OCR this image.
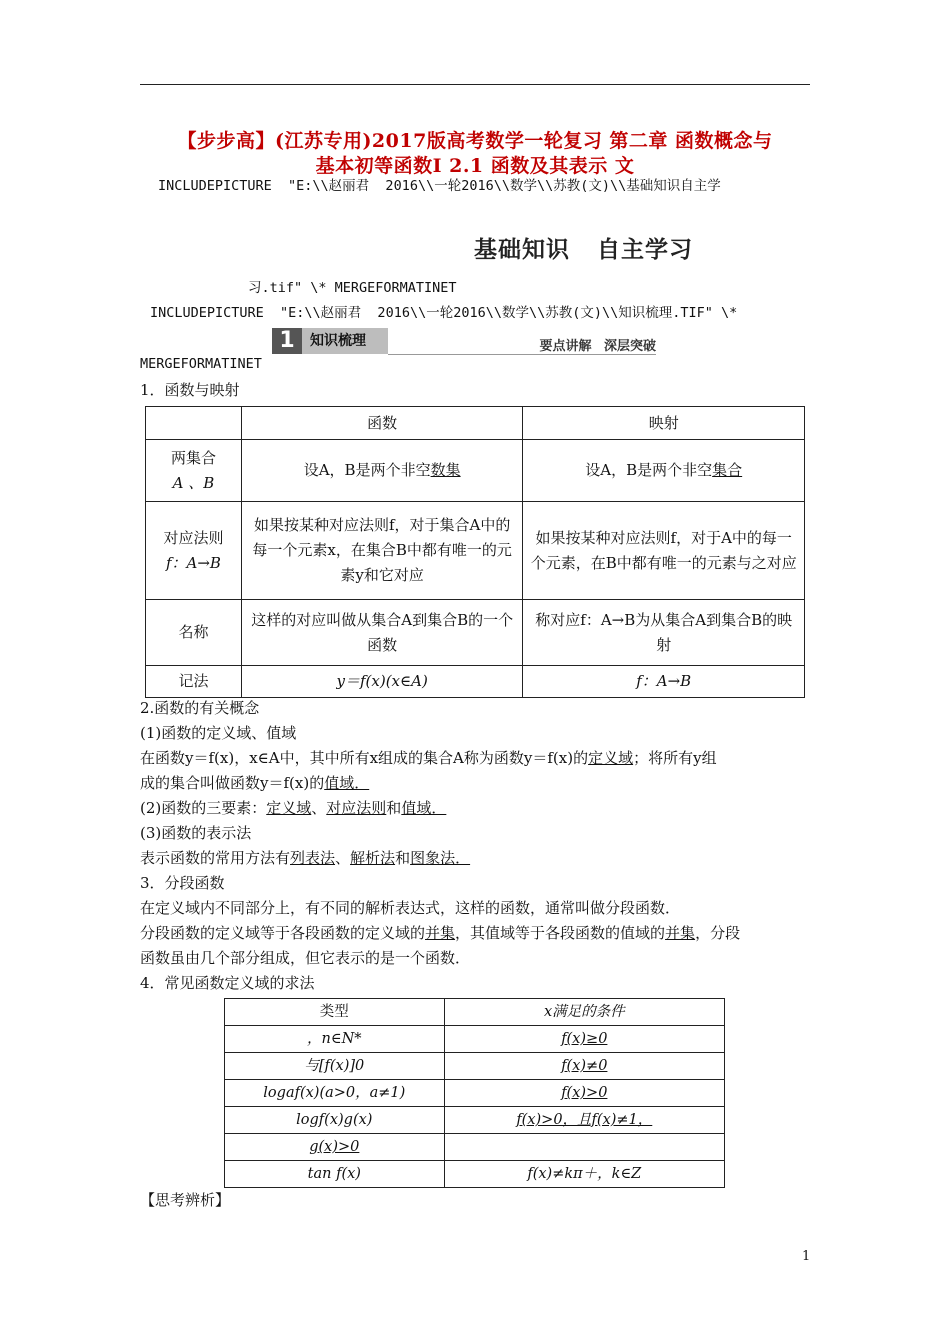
【步步高】(江苏专用)2017版高考数学一轮复习 第二章 函数概念与
基本初等函数Ⅰ 2.1 函数及其表示 文
INCLUDEPICTURE  "E:\\赵丽君  2016\\一轮2016\\数学\\苏教(文)\\基础知识自主学
基础知识 自主学习
习.tif" \* MERGEFORMATINET
INCLUDEPICTURE  "E:\\赵丽君  2016\\一轮2016\\数学\\苏教(文)\\知识梳理.TIF" \*
1	知识梳理	要点讲解 深层突破
MERGEFORMATINET
1．函数与映射
	函数	映射

两集合
A 、B	设A，B是两个非空数集	设A，B是两个非空集合

对应法则
f：A→B	如果按某种对应法则f，对于集合A中的每一个元素x，在集合B中都有唯一的元素y和它对应	如果按某种对应法则f，对于A中的每一个元素，在B中都有唯一的元素与之对应
名称	这样的对应叫做从集合A到集合B的一个函数	称对应f：A→B为从集合A到集合B的映射
记法	y＝f(x)(x∈A)	f：A→B
2.函数的有关概念
(1)函数的定义域、值域
在函数y＝f(x)，x∈A中，其中所有x组成的集合A称为函数y＝f(x)的定义域；将所有y组
成的集合叫做函数y＝f(x)的值域．
(2)函数的三要素：定义域、对应法则和值域．
(3)函数的表示法
表示函数的常用方法有列表法、解析法和图象法．
3．分段函数
在定义域内不同部分上，有不同的解析表达式，这样的函数，通常叫做分段函数．
分段函数的定义域等于各段函数的定义域的并集，其值域等于各段函数的值域的并集，分段
函数虽由几个部分组成，但它表示的是一个函数．
4．常见函数定义域的求法
类型	x满足的条件
，n∈N*	f(x)≥0
与[f(x)]0	f(x)≠0
logaf(x)(a>0，a≠1)	f(x)>0
logf(x)g(x)	f(x)>0，且f(x)≠1，
g(x)>0	
tan f(x)	f(x)≠kπ＋，k∈Z
【思考辨析】
1
